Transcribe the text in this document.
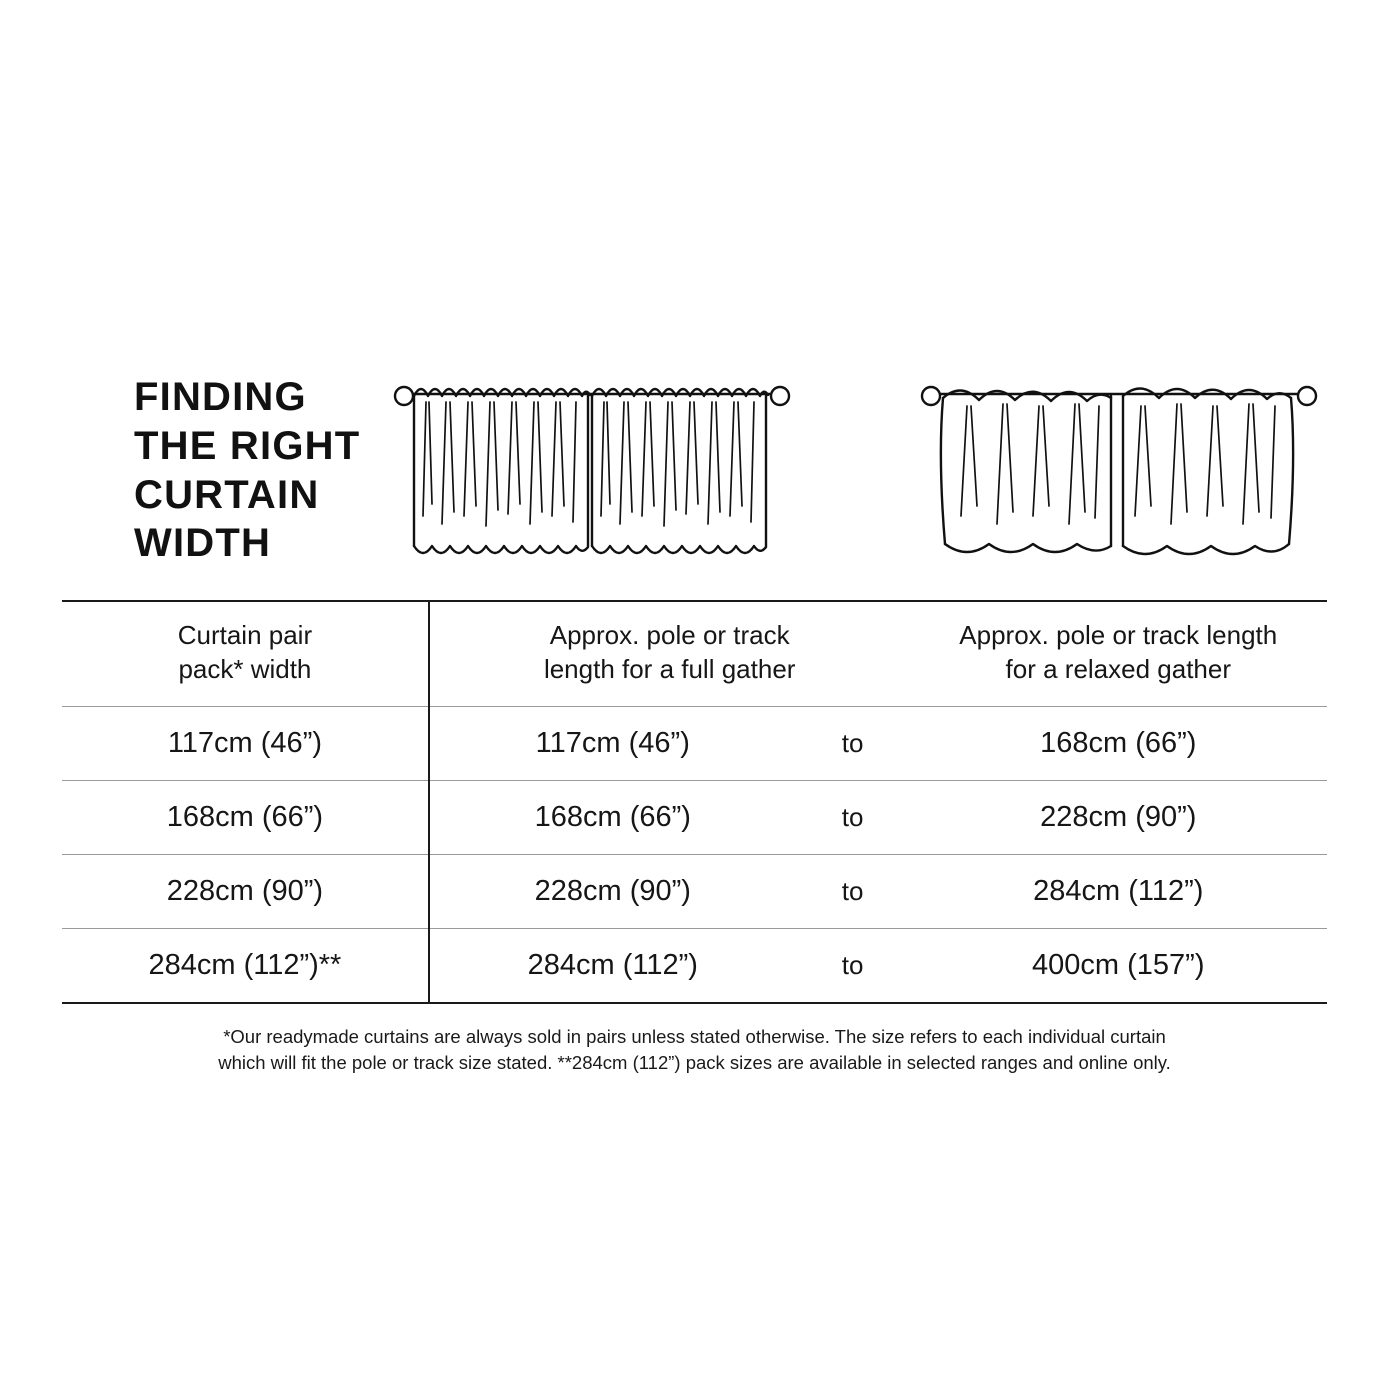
FINDING
THE RIGHT
CURTAIN
WIDTH
Curtain pair
pack* width	Approx. pole or track
length for a full gather		Approx. pole or track length
for a relaxed gather
117cm (46”)	117cm (46”)	to	168cm (66”)
168cm (66”)	168cm (66”)	to	228cm (90”)
228cm (90”)	228cm (90”)	to	284cm (112”)
284cm (112”)**	284cm (112”)	to	400cm (157”)
*Our readymade curtains are always sold in pairs unless stated otherwise. The size refers to each individual curtain
which will fit the pole or track size stated. **284cm (112”) pack sizes are available in selected ranges and online only.
